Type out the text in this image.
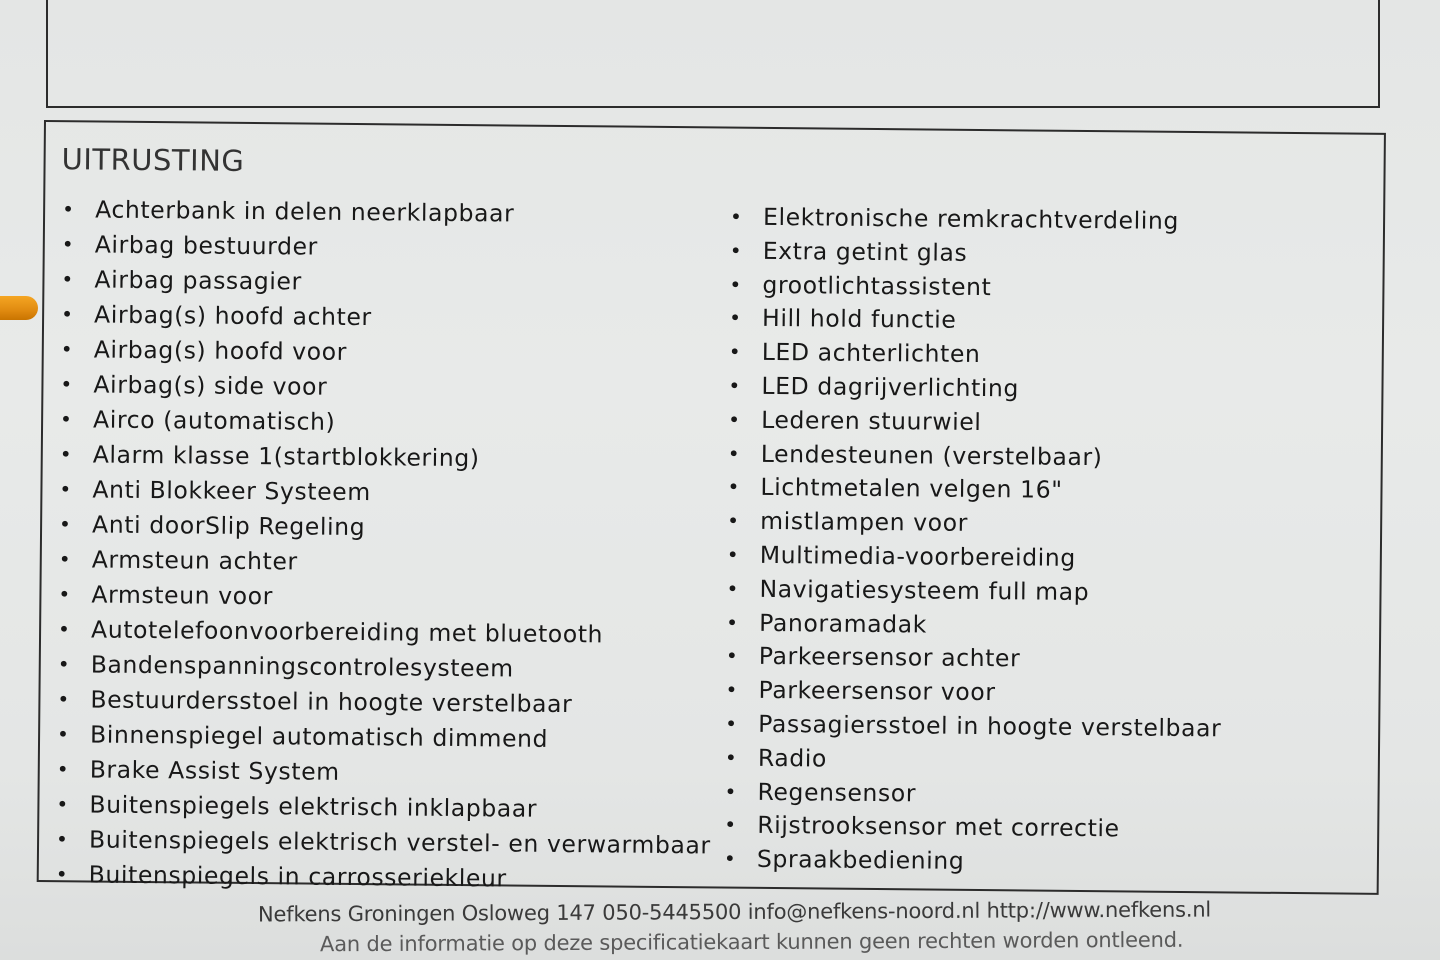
UITRUSTING
• Achterbank in delen neerklapbaar
• Airbag bestuurder
• Airbag passagier
• Airbag(s) hoofd achter
• Airbag(s) hoofd voor
• Airbag(s) side voor
• Airco (automatisch)
• Alarm klasse 1(startblokkering)
• Anti Blokkeer Systeem
• Anti doorSlip Regeling
• Armsteun achter
• Armsteun voor
• Autotelefoonvoorbereiding met bluetooth
• Bandenspanningscontrolesysteem
• Bestuurdersstoel in hoogte verstelbaar
• Binnenspiegel automatisch dimmend
• Brake Assist System
• Buitenspiegels elektrisch inklapbaar
• Buitenspiegels elektrisch verstel- en verwarmbaar
• Buitenspiegels in carrosseriekleur
• Elektronische remkrachtverdeling
• Extra getint glas
• grootlichtassistent
• Hill hold functie
• LED achterlichten
• LED dagrijverlichting
• Lederen stuurwiel
• Lendesteunen (verstelbaar)
• Lichtmetalen velgen 16"
• mistlampen voor
• Multimedia-voorbereiding
• Navigatiesysteem full map
• Panoramadak
• Parkeersensor achter
• Parkeersensor voor
• Passagiersstoel in hoogte verstelbaar
• Radio
• Regensensor
• Rijstrooksensor met correctie
• Spraakbediening
Nefkens Groningen Osloweg 147 050-5445500 info@nefkens-noord.nl http://www.nefkens.nl
Aan de informatie op deze specificatiekaart kunnen geen rechten worden ontleend.
